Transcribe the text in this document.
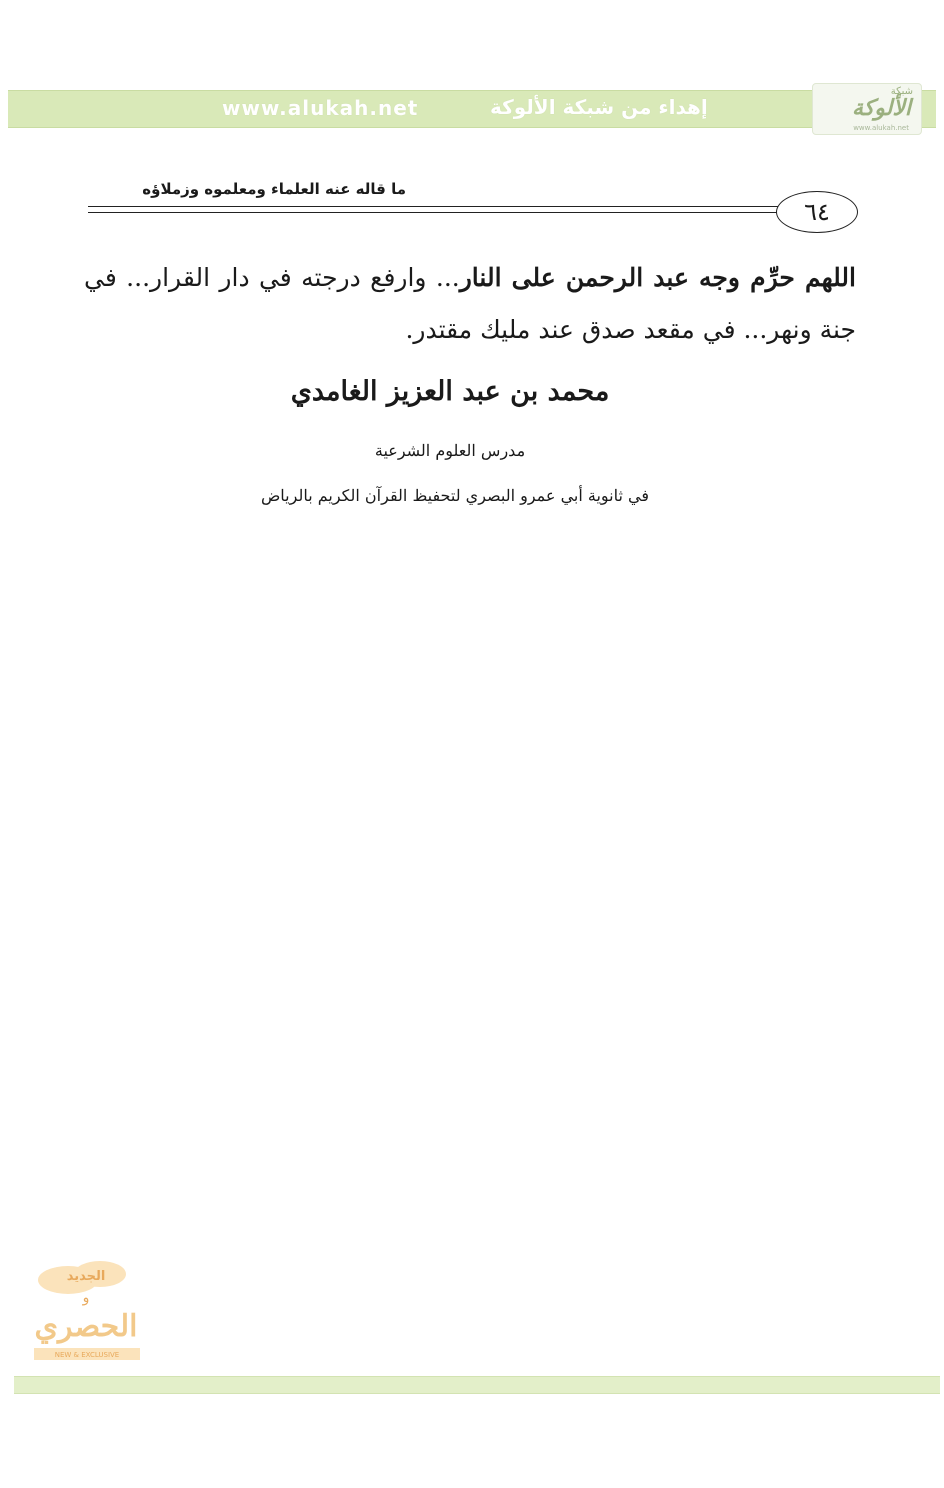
www.alukah.net	إهداء من شبكة الألوكة
شبكة
الألوكة
www.alukah.net
ما قاله عنه العلماء ومعلموه وزملاؤه
٦٤
اللهم حرِّم وجه عبد الرحمن على النار... وارفع درجته في دار القرار... في جنة ونهر... في مقعد صدق عند مليك مقتدر.
محمد بن عبد العزيز الغامدي
مدرس العلوم الشرعية
في ثانوية أبي عمرو البصري لتحفيظ القرآن الكريم بالرياض
الجديد
و
الحصري
NEW & EXCLUSIVE
